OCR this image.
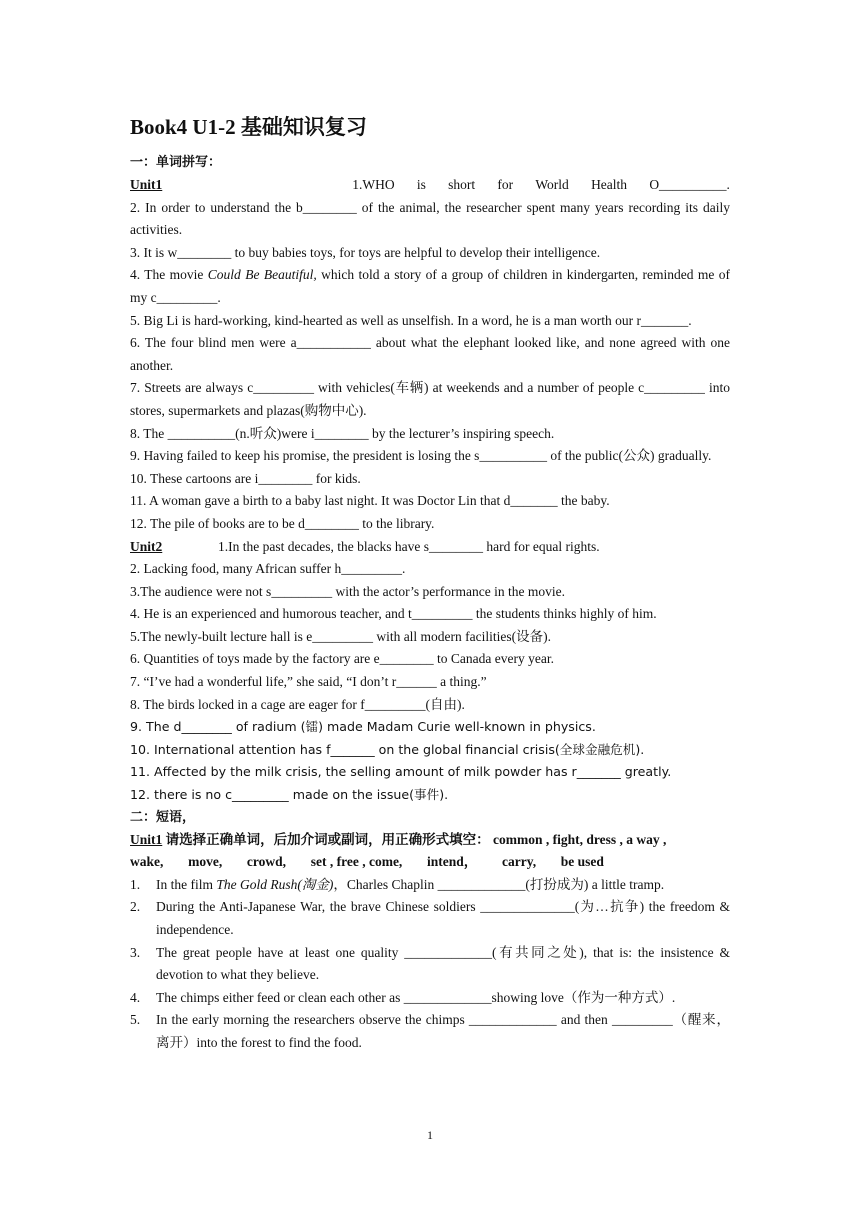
Book4 U1-2 基础知识复习

一：单词拼写：

Unit1	1.WHO is short for World Health O__________.

2. In order to understand the b________ of the animal, the researcher spent many years recording its daily activities.

3. It is w________ to buy babies toys, for toys are helpful to develop their intelligence.

4. The movie Could Be Beautiful, which told a story of a group of children in kindergarten, reminded me of my c_________.

5. Big Li is hard-working, kind-hearted as well as unselfish. In a word, he is a man worth our r_______.

6. The four blind men were a___________ about what the elephant looked like, and none agreed with one another.

7. Streets are always c_________ with vehicles(车辆) at weekends and a number of people c_________ into stores, supermarkets and plazas(购物中心).

8. The __________(n.听众)were i________ by the lecturer’s inspiring speech.

9. Having failed to keep his promise, the president is losing the s__________ of the public(公众) gradually.

10. These cartoons are i________ for kids.

11. A woman gave a birth to a baby last night. It was Doctor Lin that d_______ the baby.

12. The pile of books are to be d________ to the library.

Unit2	1.In the past decades, the blacks have s________ hard for equal rights.

2. Lacking food, many African suffer h_________.

3.The audience were not s_________ with the actor’s performance in the movie.

4. He is an experienced and humorous teacher, and t_________ the students thinks highly of him.

5.The newly-built lecture hall is e_________ with all modern facilities(设备).

6. Quantities of toys made by the factory are e________ to Canada every year.

7. “I’ve had a wonderful life,” she said, “I don’t r______ a thing.”

8. The birds locked in a cage are eager for f_________(自由).

9. The d________ of radium (镭) made Madam Curie well-known in physics.

10. International attention has f_______ on the global financial crisis(全球金融危机).

11. Affected by the milk crisis, the selling amount of milk powder has r_______ greatly.

12. there is no c_________ made on the issue(事件).

二：短语，

Unit1 请选择正确单词，后加介词或副词，用正确形式填空： common , fight, dress , a way ,

wake, move, crowd, set , free , come, intend， carry, be used

1. In the film The Gold Rush(淘金)，Charles Chaplin _____________(打扮成为) a little tramp.
2. During the Anti-Japanese War, the brave Chinese soldiers ______________(为…抗争) the freedom & independence.
3. The great people have at least one quality _____________(有共同之处), that is: the insistence & devotion to what they believe.
4. The chimps either feed or clean each other as _____________showing love（作为一种方式）.
5. In the early morning the researchers observe the chimps _____________ and then _________（醒来，离开）into the forest to find the food.
1
